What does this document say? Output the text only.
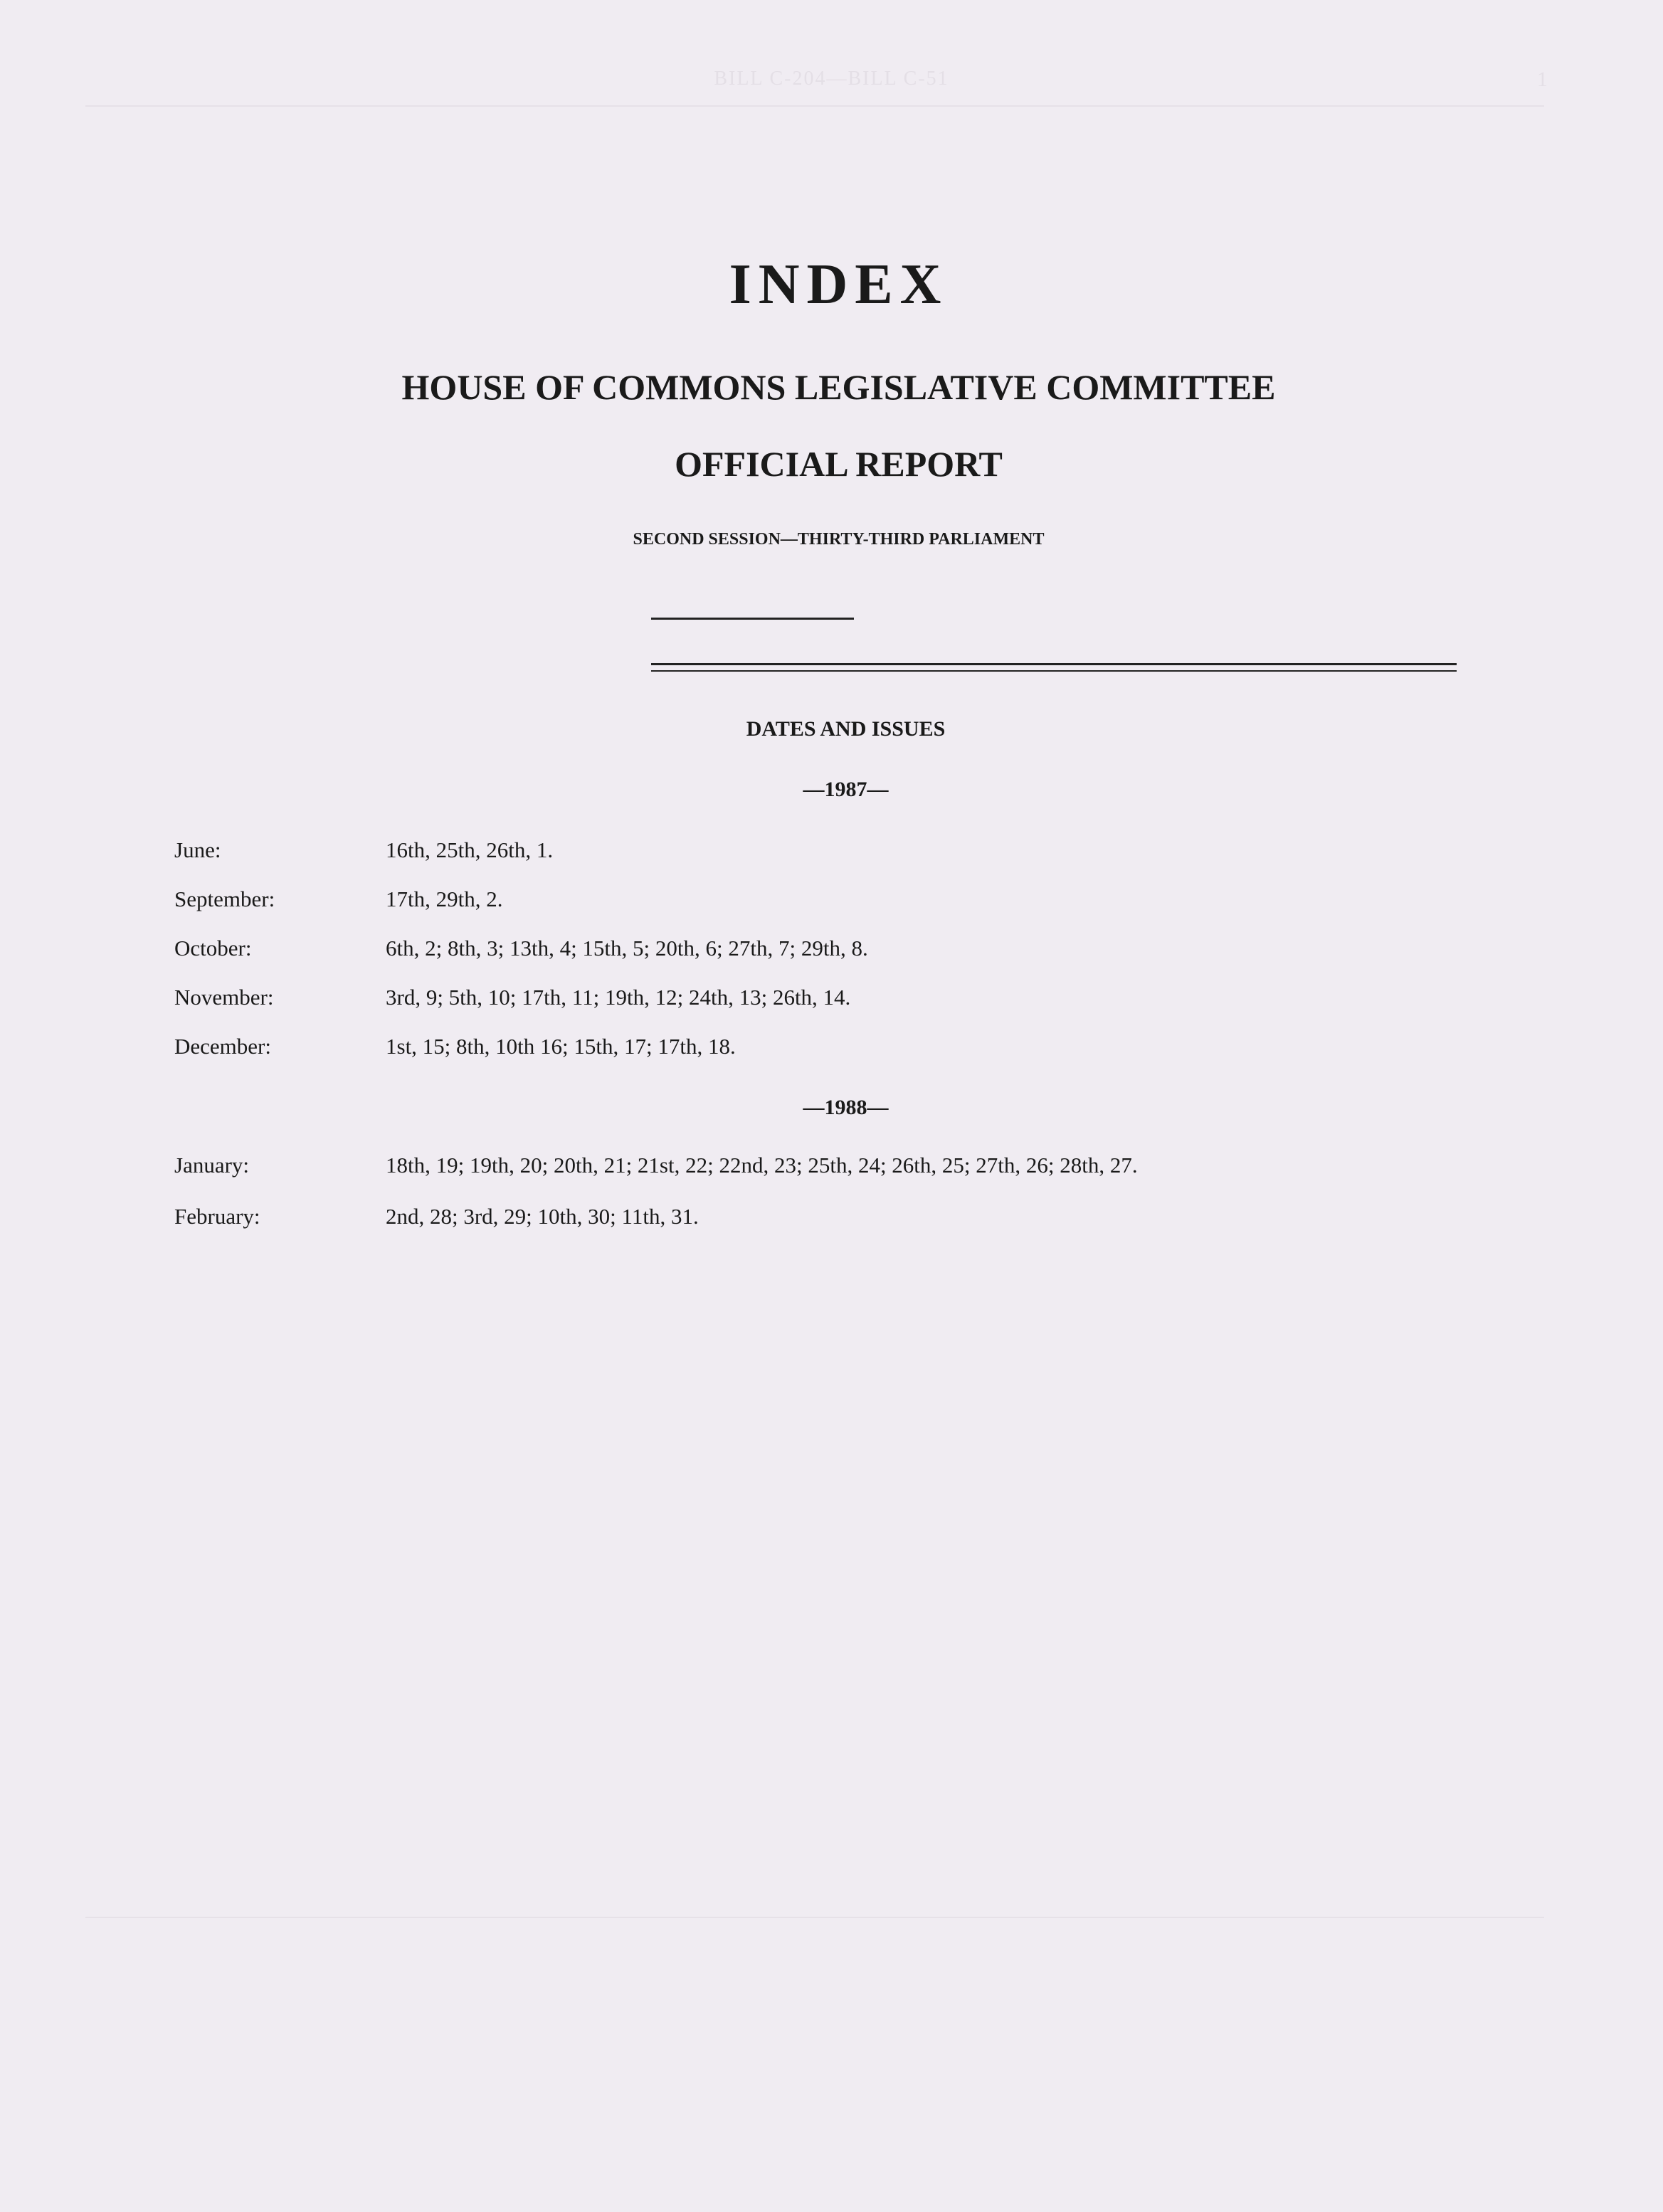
BILL C-204—BILL C-51	1
INDEX
HOUSE OF COMMONS LEGISLATIVE COMMITTEE
OFFICIAL REPORT
SECOND SESSION—THIRTY-THIRD PARLIAMENT
DATES AND ISSUES
—1987—
June:	16th, 25th, 26th, 1.
September:	17th, 29th, 2.
October:	6th, 2; 8th, 3; 13th, 4; 15th, 5; 20th, 6; 27th, 7; 29th, 8.
November:	3rd, 9; 5th, 10; 17th, 11; 19th, 12; 24th, 13; 26th, 14.
December:	1st, 15; 8th, 10th 16; 15th, 17; 17th, 18.
—1988—
January:	18th, 19; 19th, 20; 20th, 21; 21st, 22; 22nd, 23; 25th, 24; 26th, 25; 27th, 26; 28th, 27.
February:	2nd, 28; 3rd, 29; 10th, 30; 11th, 31.
